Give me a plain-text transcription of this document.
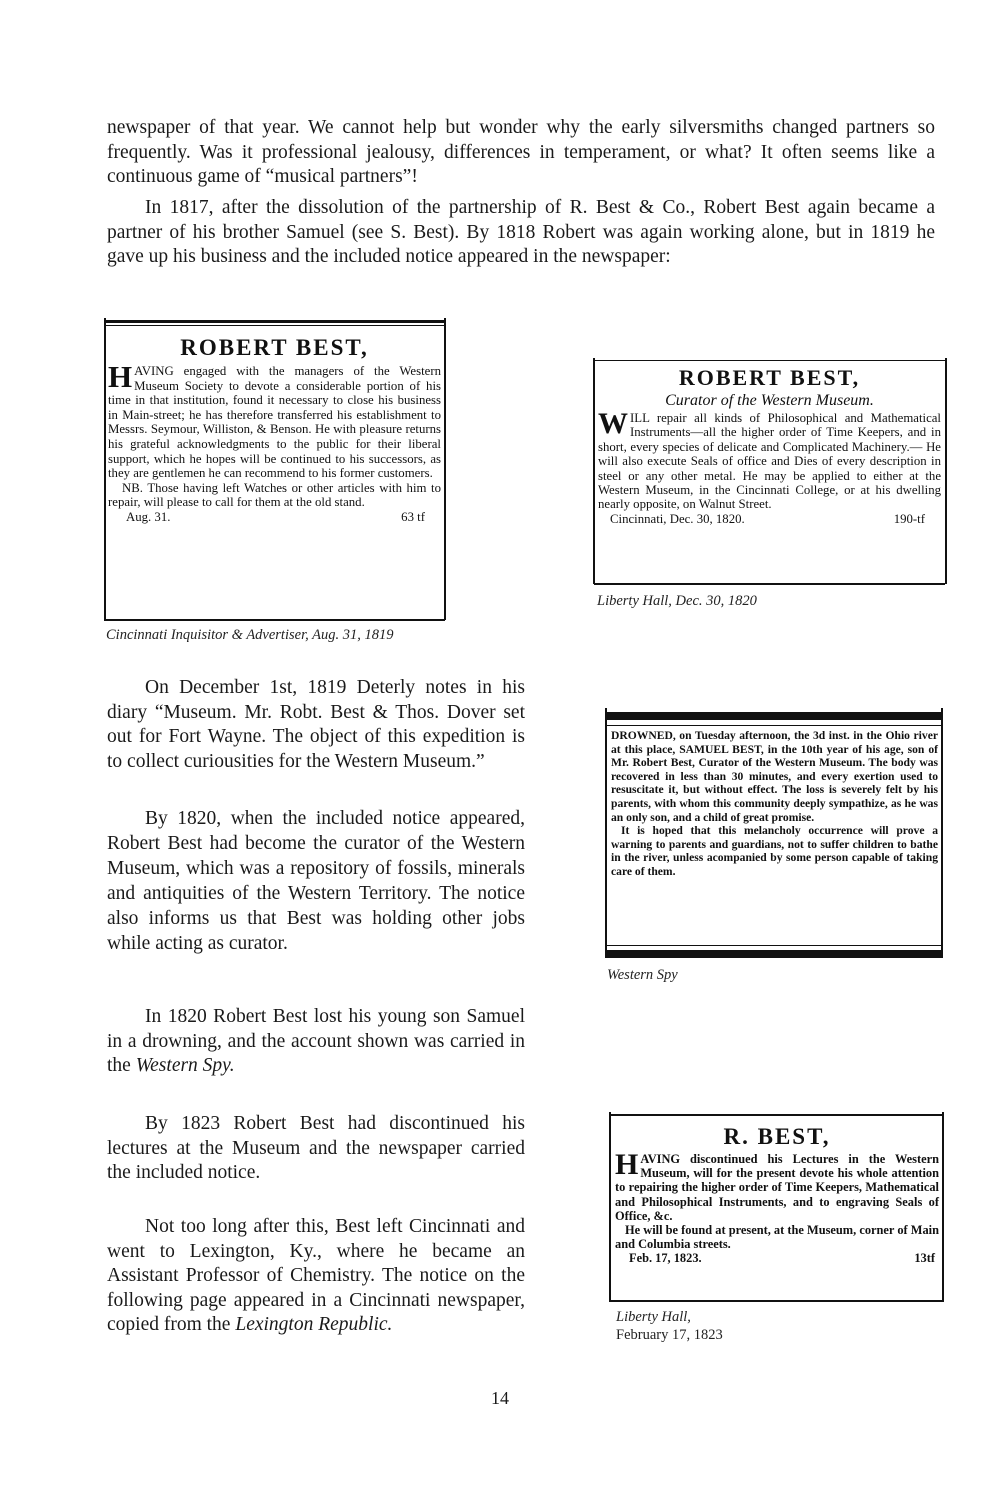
newspaper of that year. We cannot help but wonder why the early silversmiths changed partners so frequently. Was it professional jealousy, differences in temperament, or what? It often seems like a continuous game of “musical partners”!

In 1817, after the dissolution of the partnership of R. Best & Co., Robert Best again became a partner of his brother Samuel (see S. Best). By 1818 Robert was again working alone, but in 1819 he gave up his business and the included notice appeared in the newspaper:

ROBERT BEST,
HAVING engaged with the managers of the Western Museum Society to devote a considerable portion of his time in that institution, found it necessary to close his business in Main-street; he has therefore transferred his establishment to Messrs. Seymour, Williston, & Benson. He with pleasure returns his grateful acknowledgments to the public for their liberal support, which he hopes will be continued to his successors, as they are gentlemen he can recommend to his former customers.
NB. Those having left Watches or other articles with him to repair, will please to call for them at the old stand.
Aug. 31.	63 tf
Cincinnati Inquisitor & Advertiser, Aug. 31, 1819
ROBERT BEST,
Curator of the Western Museum.
WILL repair all kinds of Philosophical and Mathematical Instruments—all the higher order of Time Keepers, and in short, every species of delicate and Complicated Machinery.— He will also execute Seals of office and Dies of every description in steel or any other metal. He may be applied to either at the Western Museum, in the Cincinnati College, or at his dwelling nearly opposite, on Walnut Street.
Cincinnati, Dec. 30, 1820.	190-tf
Liberty Hall, Dec. 30, 1820

On December 1st, 1819 Deterly notes in his diary “Museum. Mr. Robt. Best & Thos. Dover set out for Fort Wayne. The object of this expedition is to collect curiousities for the Western Museum.”

By 1820, when the included notice appeared, Robert Best had become the curator of the Western Museum, which was a repository of fossils, minerals and antiquities of the Western Territory. The notice also informs us that Best was holding other jobs while acting as curator.

DROWNED, on Tuesday afternoon, the 3d inst. in the Ohio river at this place, SAMUEL BEST, in the 10th year of his age, son of Mr. Robert Best, Curator of the Western Museum. The body was recovered in less than 30 minutes, and every exertion used to resuscitate it, but without effect. The loss is severely felt by his parents, with whom this community deeply sympathize, as he was an only son, and a child of great promise.
It is hoped that this melancholy occurrence will prove a warning to parents and guardians, not to suffer children to bathe in the river, unless acompanied by some person capable of taking care of them.
Western Spy

In 1820 Robert Best lost his young son Samuel in a drowning, and the account shown was carried in the Western Spy.

By 1823 Robert Best had discontinued his lectures at the Museum and the newspaper carried the included notice.

Not too long after this, Best left Cincinnati and went to Lexington, Ky., where he became an Assistant Professor of Chemistry. The notice on the following page appeared in a Cincinnati newspaper, copied from the Lexington Republic.

R. BEST,
HAVING discontinued his Lectures in the Western Museum, will for the present devote his whole attention to repairing the higher order of Time Keepers, Mathematical and Philosophical Instruments, and to engraving Seals of Office, &c.
He will be found at present, at the Museum, corner of Main and Columbia streets.
Feb. 17, 1823.	13tf
Liberty Hall,
February 17, 1823
14
